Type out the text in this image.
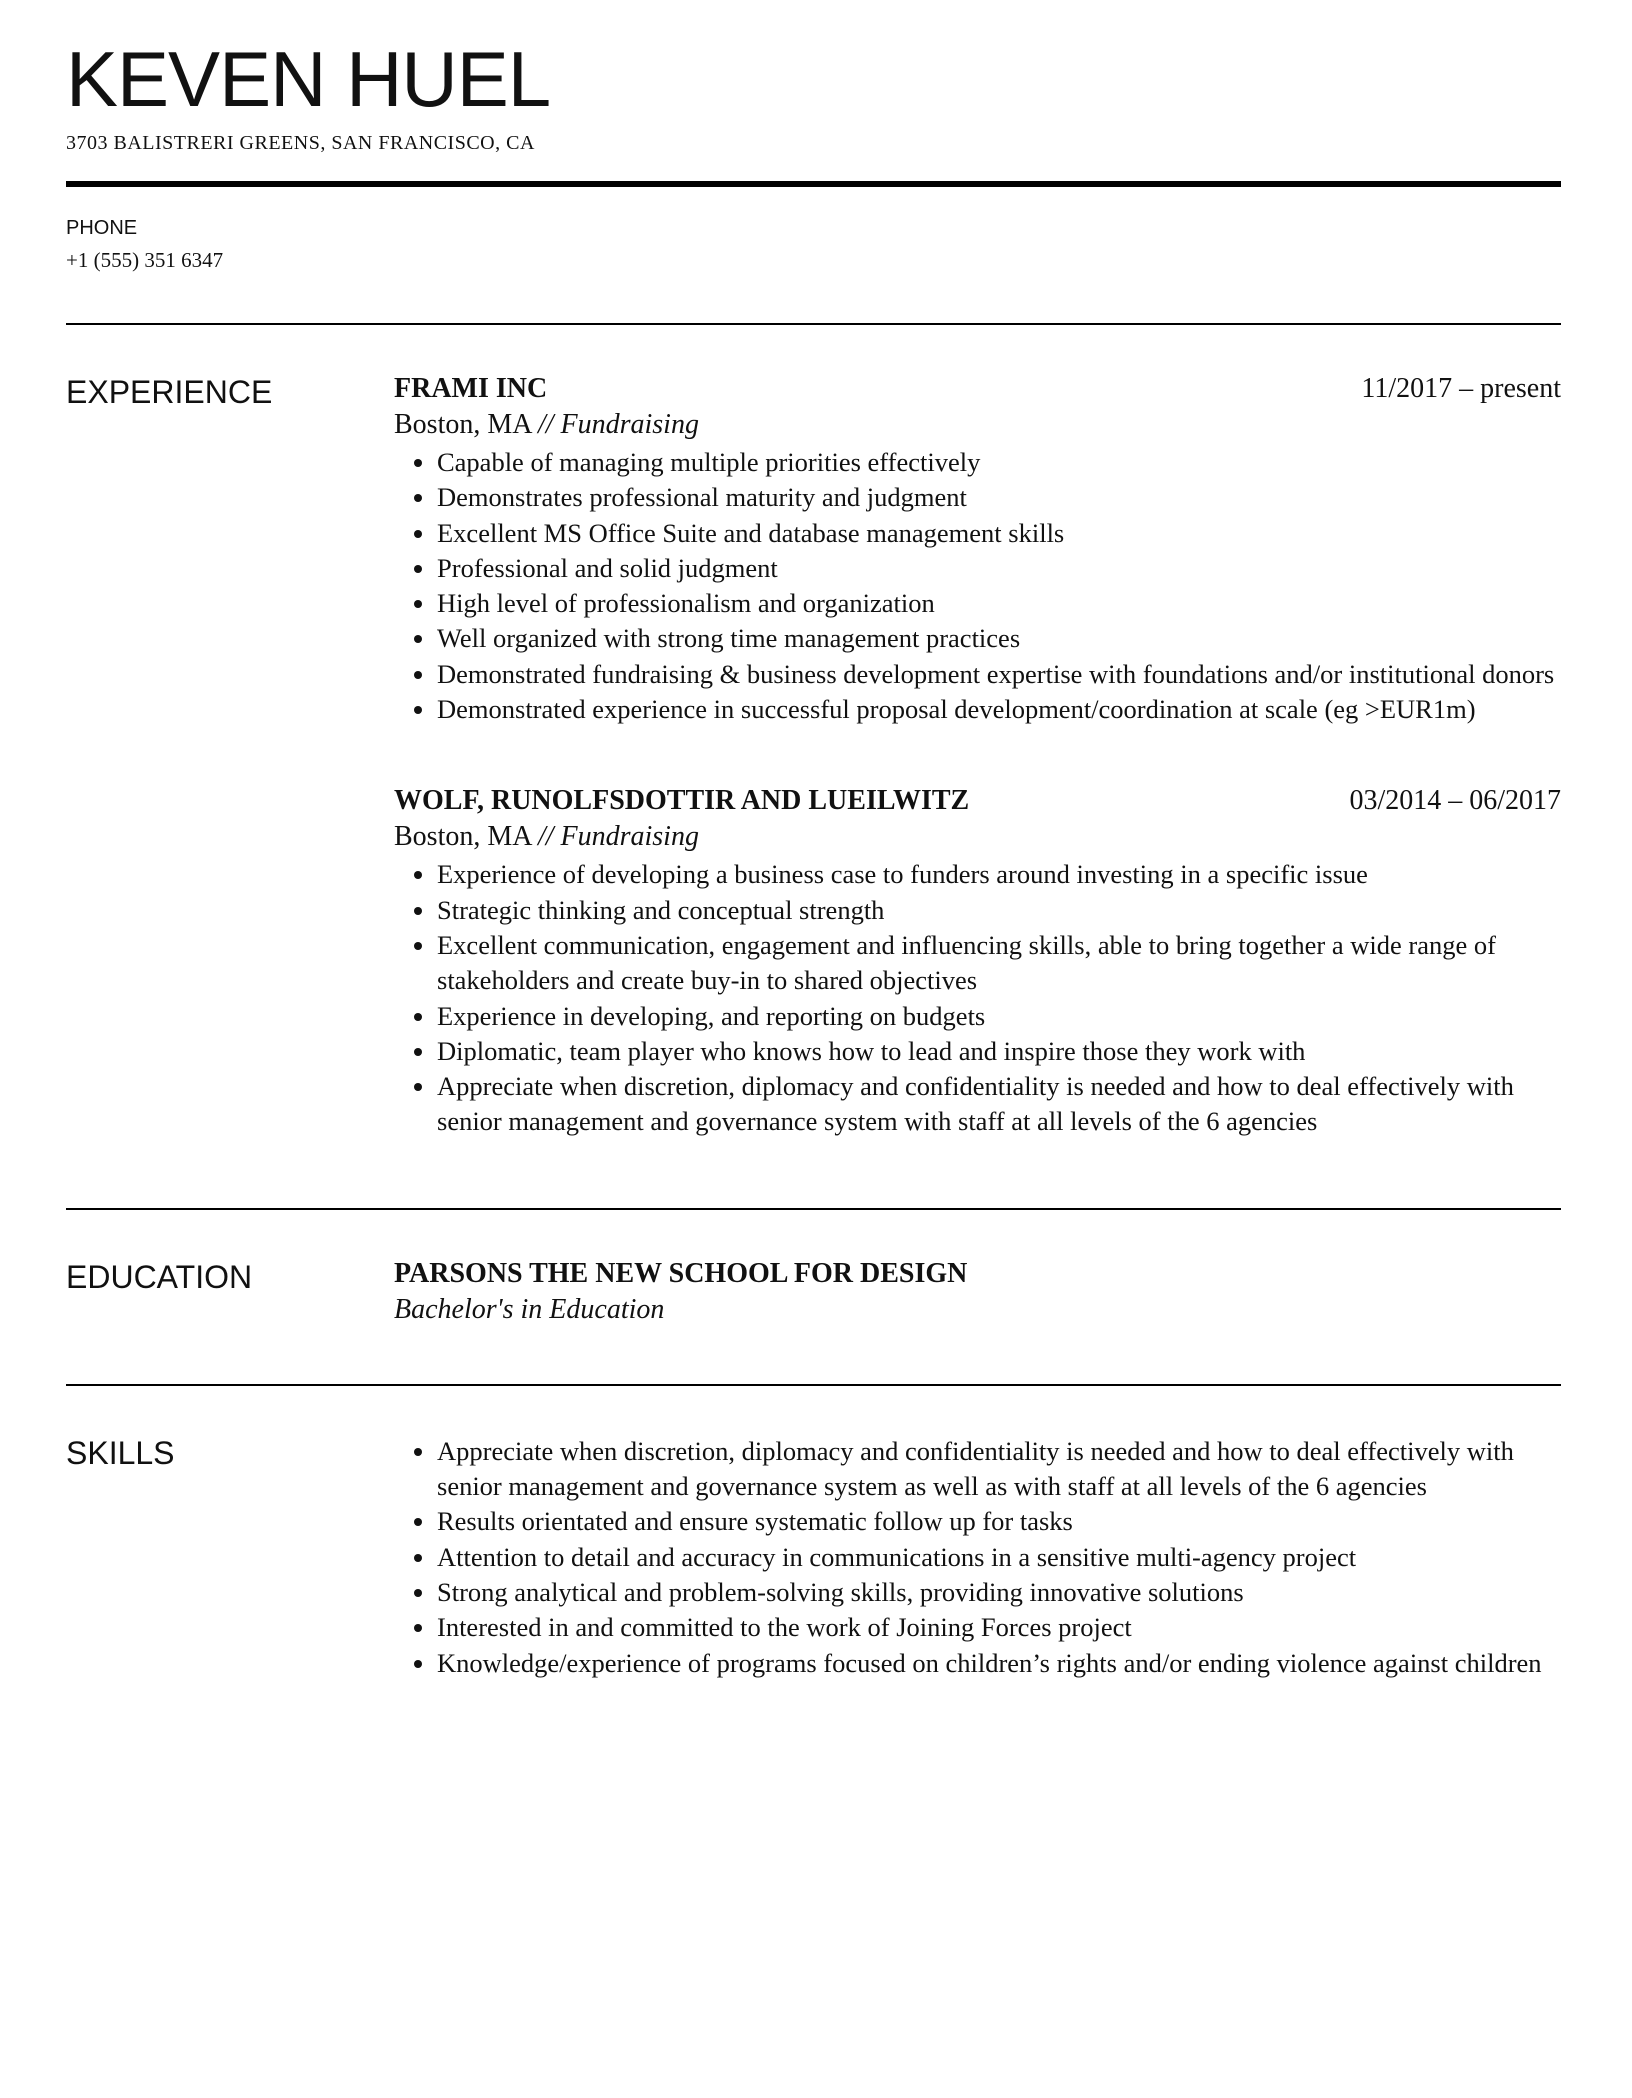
KEVEN HUEL
3703 BALISTRERI GREENS, SAN FRANCISCO, CA
PHONE
+1 (555) 351 6347
EXPERIENCE	FRAMI INC	11/2017 – present
Boston, MA // Fundraising
• Capable of managing multiple priorities effectively
• Demonstrates professional maturity and judgment
• Excellent MS Office Suite and database management skills
• Professional and solid judgment
• High level of professionalism and organization
• Well organized with strong time management practices
• Demonstrated fundraising & business development expertise with foundations and/or institutional donors
• Demonstrated experience in successful proposal development/coordination at scale (eg >EUR1m)
WOLF, RUNOLFSDOTTIR AND LUEILWITZ	03/2014 – 06/2017
Boston, MA // Fundraising
• Experience of developing a business case to funders around investing in a specific issue
• Strategic thinking and conceptual strength
• Excellent communication, engagement and influencing skills, able to bring together a wide range of stakeholders and create buy-in to shared objectives
• Experience in developing, and reporting on budgets
• Diplomatic, team player who knows how to lead and inspire those they work with
• Appreciate when discretion, diplomacy and confidentiality is needed and how to deal effectively with senior management and governance system with staff at all levels of the 6 agencies
EDUCATION	PARSONS THE NEW SCHOOL FOR DESIGN
Bachelor's in Education
SKILLS
•	Appreciate when discretion, diplomacy and confidentiality is needed and how to deal effectively with senior management and governance system as well as with staff at all levels of the 6 agencies
• Results orientated and ensure systematic follow up for tasks
• Attention to detail and accuracy in communications in a sensitive multi-agency project
• Strong analytical and problem-solving skills, providing innovative solutions
• Interested in and committed to the work of Joining Forces project
• Knowledge/experience of programs focused on children’s rights and/or ending violence against children
